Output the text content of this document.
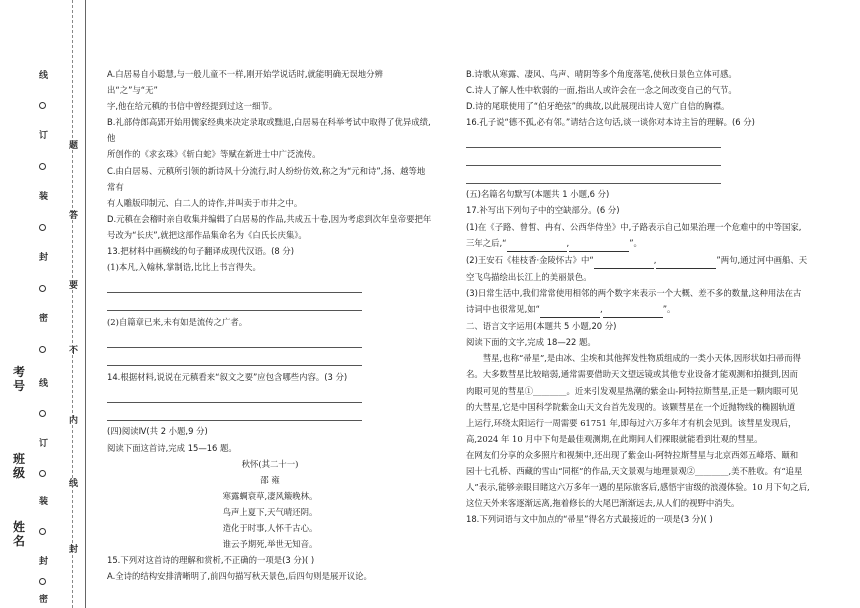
线
订
装
封
密
线
订
装
封
密
题
答
要
不
内
线
封
考号
班级
姓名

A.白居易自小聪慧,与一般儿童不一样,刚开始学说话时,就能明确无误地分辨出“之”与“无”

字,他在给元稹的书信中曾经提到过这一细节。

B.礼部侍郎高郢开始用儒家经典来决定录取或黜退,白居易在科举考试中取得了优异成绩,他

所创作的《求玄珠》《斩白蛇》等赋在新进士中广泛流传。

C.由白居易、元稹所引领的新诗风十分流行,时人纷纷仿效,称之为“元和诗”,扬、越等地常有

有人雕版印制元、白二人的诗作,并叫卖于市井之中。

D.元稹在会稽时亲自收集并编辑了白居易的作品,共成五十卷,因为考虑到次年皇帝要把年

号改为“长庆”,就把这部作品集命名为《白氏长庆集》。

13.把材料中画横线的句子翻译成现代汉语。(8 分)

(1)本凡,入翰林,掌制诰,比比上书言得失。

(2)自篇章已来,未有如是流传之广者。

14.根据材料,说说在元稹看来“叙文之要”应包含哪些内容。(3 分)

(四)阅读Ⅳ(共 2 小题,9 分)

阅读下面这首诗,完成 15—16 题。

秋怀(其二十一)

邵 雍

寒露蜩衰草,凄风簸晚林。

鸟声上夏下,天气晴还阴。

造化于时事,人怀千古心。

谁云予期死,举世无知音。

15.下列对这首诗的理解和赏析,不正确的一项是(3 分)( )

A.全诗的结构安排清晰明了,前四句描写秋天景色,后四句则是展开议论。

B.诗歌从寒露、凄风、鸟声、晴阴等多个角度落笔,使秋日景色立体可感。

C.诗人了解人性中软弱的一面,指出人或许会在一念之间改变自己的气节。

D.诗的尾联使用了“伯牙绝弦”的典故,以此展现出诗人宽广自信的胸襟。

16.孔子说“德不孤,必有邻。”请结合这句话,谈一谈你对本诗主旨的理解。(6 分)

(五)名篇名句默写(本题共 1 小题,6 分)

17.补写出下列句子中的空缺部分。(6 分)

(1)在《子路、曾皙、冉有、公西华侍坐》中,子路表示自己如果治理一个危难中的中等国家,

三年之后,“	,	”。

(2)王安石《桂枝香·金陵怀古》中“	,	”两句,通过河中画船、天

空飞鸟描绘出长江上的美丽景色。

(3)日常生活中,我们常常使用相邻的两个数字来表示一个大概、差不多的数量,这种用法在古

诗词中也很常见,如“	,	”。

二、语言文字运用(本题共 5 小题,20 分)

阅读下面的文字,完成 18—22 题。

彗星,也称“帚星”,是由冰、尘埃和其他挥发性物质组成的一类小天体,因形状如扫帚而得

名。大多数彗星比较暗弱,通常需要借助天文望远镜或其他专业设备才能观测和拍摄到,因而

肉眼可见的彗星①________。近来引发观星热潮的紫金山-阿特拉斯彗星,正是一颗肉眼可见

的大彗星,它是中国科学院紫金山天文台首先发现的。该颗彗星在一个近抛物线的椭圆轨道

上运行,环绕太阳运行一周需要 61751 年,即每过六万多年才有机会见到。该彗星发现后，

高,2024 年 10 月中下旬是最佳观测期,在此期间人们裸眼就能看到壮观的彗星。

在网友们分享的众多照片和视频中,还出现了紫金山-阿特拉斯彗星与北京西郊五峰塔、颐和

园十七孔桥、西藏的雪山“同框”的作品,天文景观与地理景观②________,美不胜收。有“追星

人”表示,能够亲眼目睹这六万多年一遇的星际旅客后,感悟宇宙级的浪漫体验。10 月下旬之后,

这位天外来客逐渐远离,拖着修长的大尾巴渐渐远去,从人们的视野中消失。

18.下列词语与文中加点的“帚星”得名方式最接近的一项是(3 分)( )
